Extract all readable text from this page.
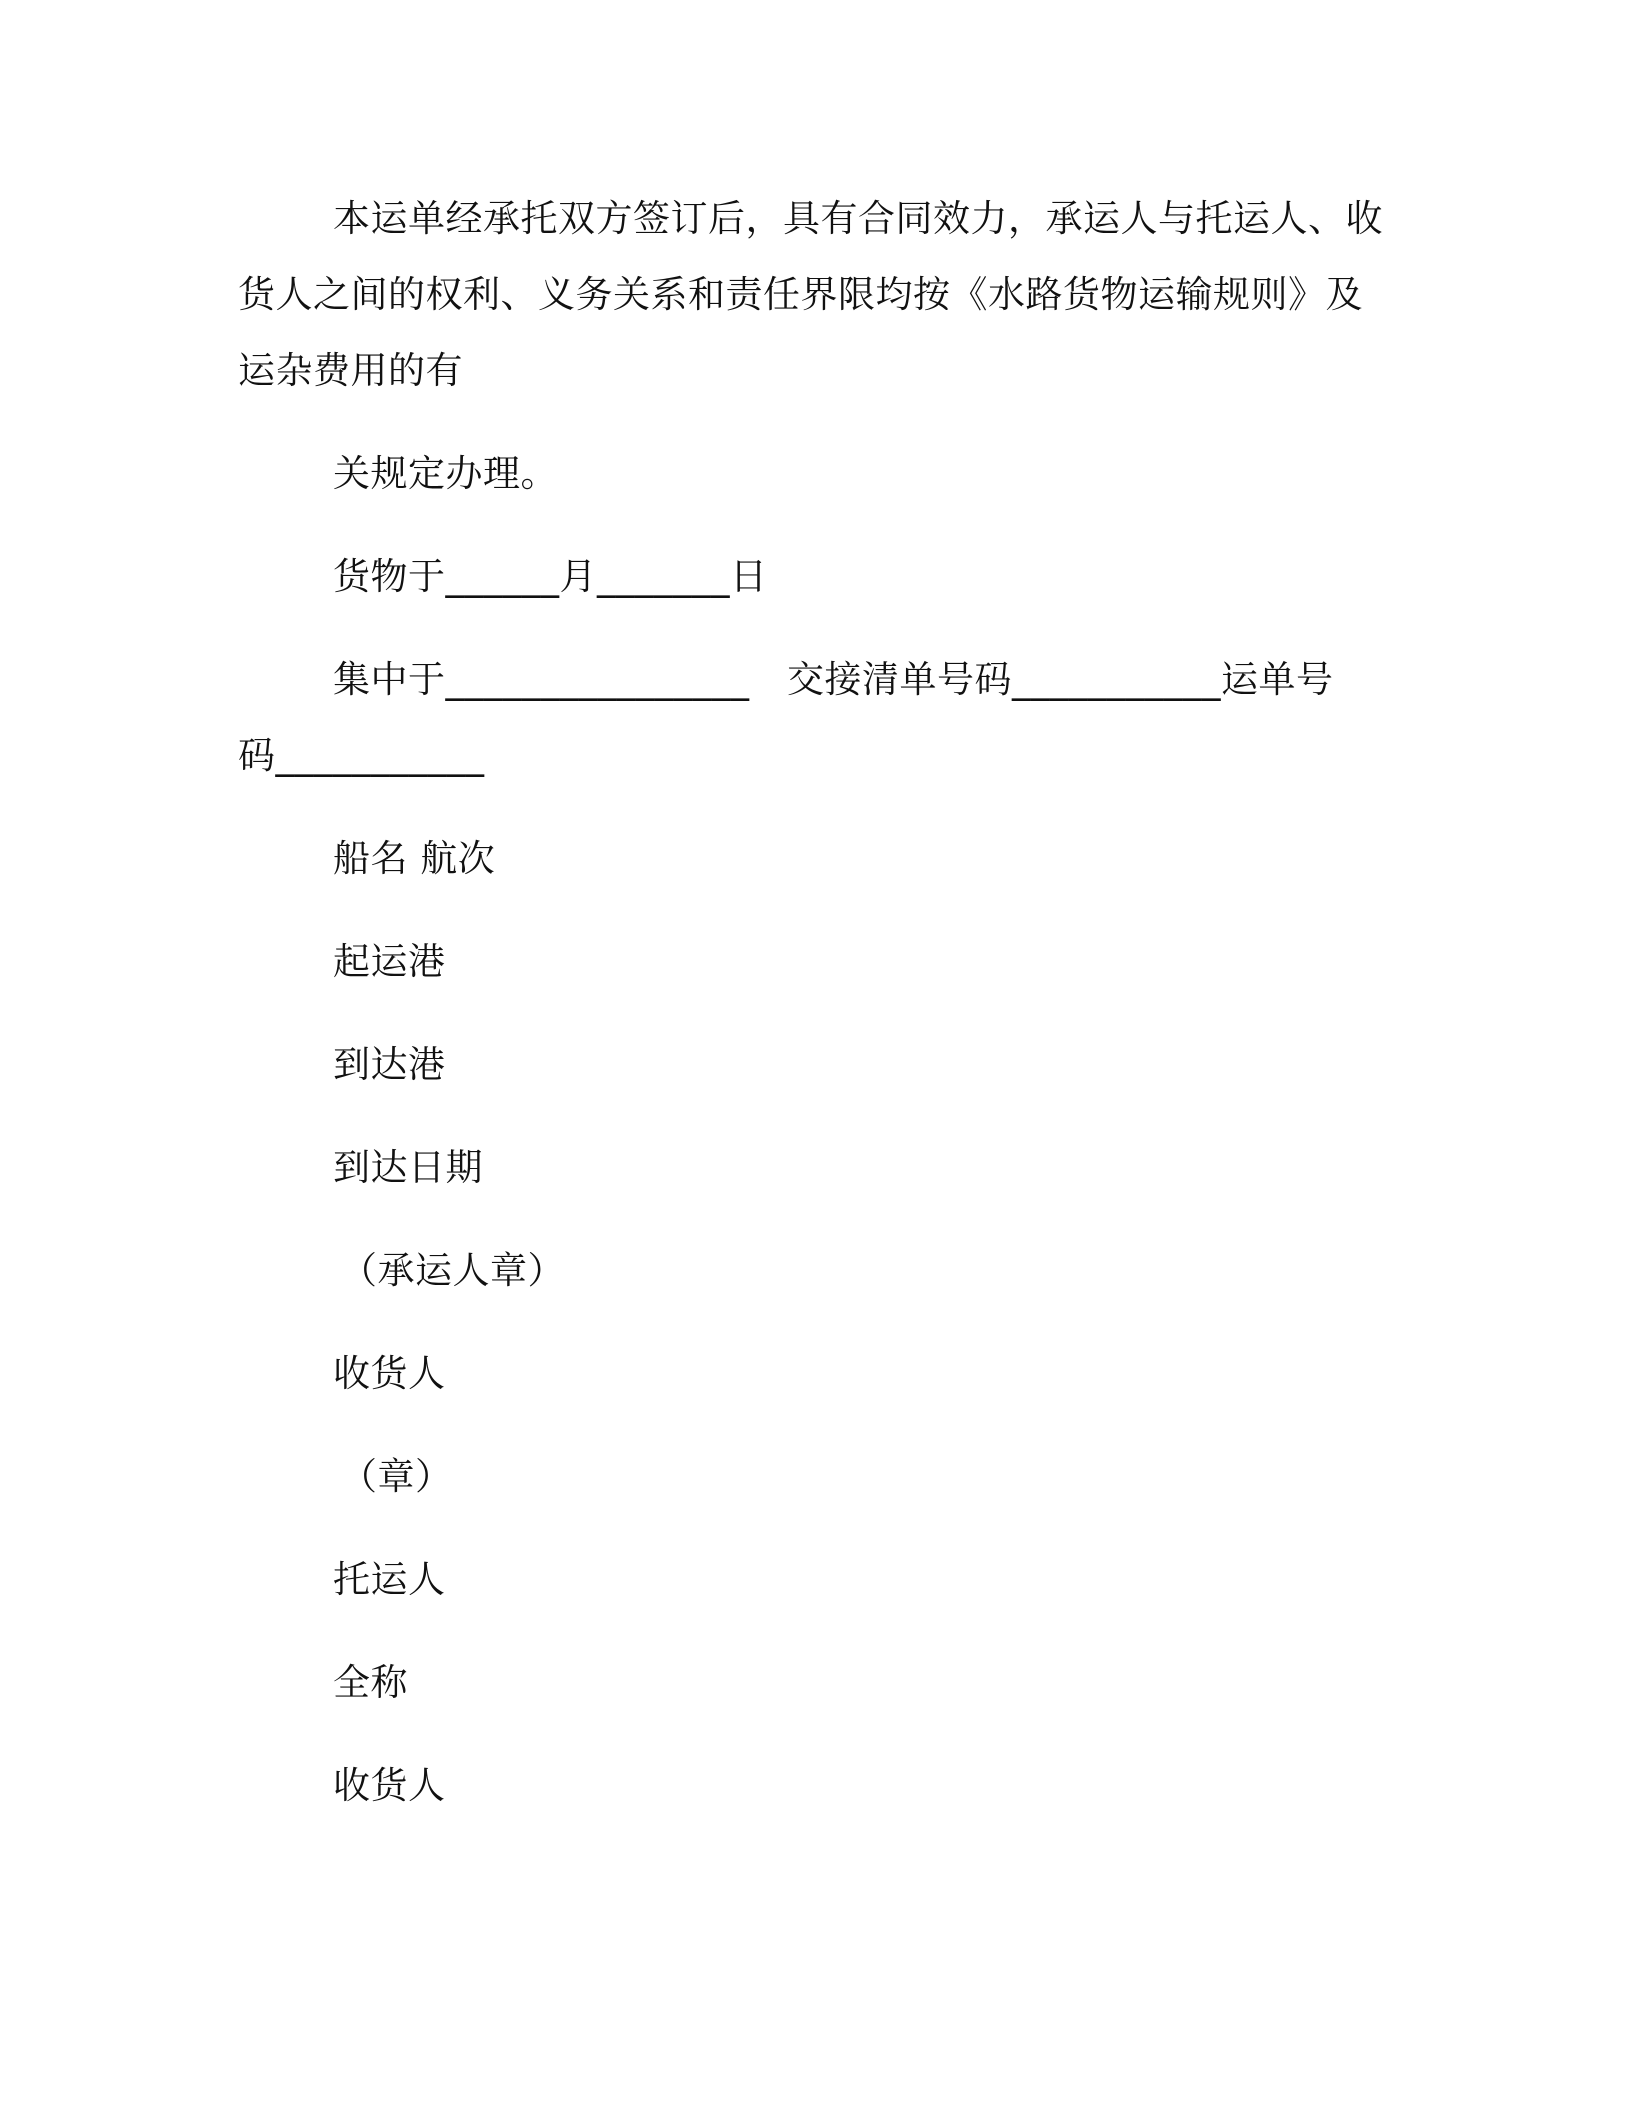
本运单经承托双方签订后，具有合同效力，承运人与托运人、收
货人之间的权利、义务关系和责任界限均按《水路货物运输规则》及
运杂费用的有
关规定办理。
货物于______月_______日
集中于________________　交接清单号码___________运单号
码___________
船名 航次
起运港
到达港
到达日期
（承运人章）
收货人
（章）
托运人
全称
收货人
